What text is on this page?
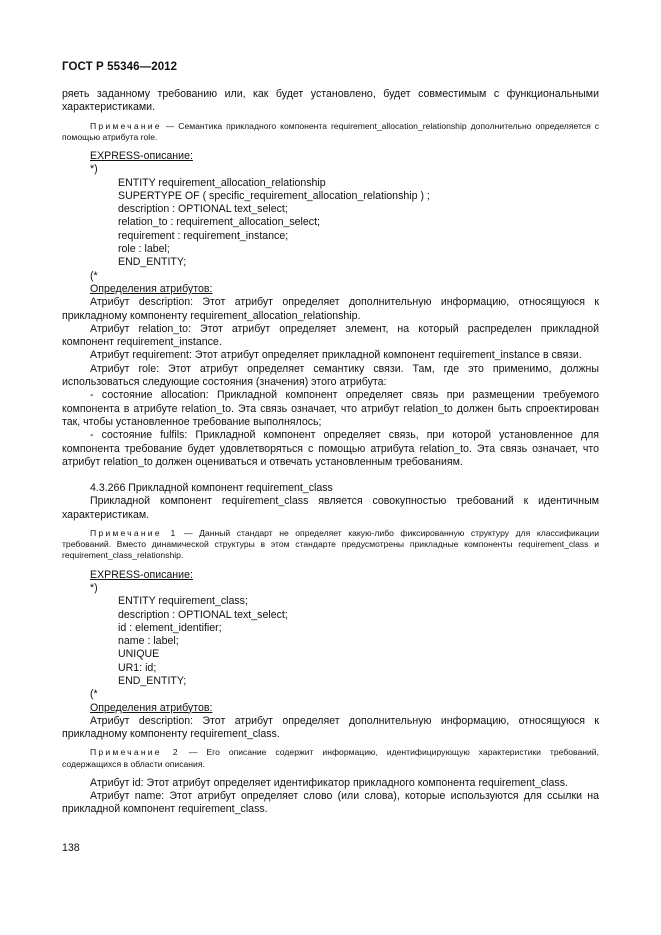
ГОСТ Р 55346—2012

ряеть заданному требованию или, как будет установлено, будет совместимым с функциональными характеристиками.

Примечание — Семантика прикладного компонента requirement_allocation_relationship дополнительно определяется с помощью атрибута role.
EXPRESS-описание:
*)
ENTITY requirement_allocation_relationship
SUPERTYPE OF ( specific_requirement_allocation_relationship ) ;
description : OPTIONAL text_select;
relation_to : requirement_allocation_select;
requirement : requirement_instance;
role : label;
END_ENTITY;
(*
Определения атрибутов:

Атрибут description: Этот атрибут определяет дополнительную информацию, относящуюся к прикладному компоненту requirement_allocation_relationship.

Атрибут relation_to: Этот атрибут определяет элемент, на который распределен прикладной компонент requirement_instance.

Атрибут requirement: Этот атрибут определяет прикладной компонент requirement_instance в связи.

Атрибут role: Этот атрибут определяет семантику связи. Там, где это применимо, должны использоваться следующие состояния (значения) этого атрибута:

- состояние allocation: Прикладной компонент определяет связь при размещении требуемого компонента в атрибуте relation_to. Эта связь означает, что атрибут relation_to должен быть спроектирован так, чтобы установленное требование выполнялось;

- состояние fulfils: Прикладной компонент определяет связь, при которой установленное для компонента требование будет удовлетворяться с помощью атрибута relation_to. Эта связь означает, что атрибут relation_to должен оцениваться и отвечать установленным требованиям.

4.3.266 Прикладной компонент requirement_class

Прикладной компонент requirement_class является совокупностью требований к идентичным характеристикам.

Примечание 1 — Данный стандарт не определяет какую-либо фиксированную структуру для классификации требований. Вместо динамической структуры в этом стандарте предусмотрены прикладные компоненты requirement_class и requirement_class_relationship.
EXPRESS-описание:
*)
ENTITY requirement_class;
description : OPTIONAL text_select;
id : element_identifier;
name : label;
UNIQUE
UR1: id;
END_ENTITY;
(*
Определения атрибутов:

Атрибут description: Этот атрибут определяет дополнительную информацию, относящуюся к прикладному компоненту requirement_class.

Примечание 2 — Его описание содержит информацию, идентифицирующую характеристики требований, содержащихся в области описания.

Атрибут id: Этот атрибут определяет идентификатор прикладного компонента requirement_class.

Атрибут name: Этот атрибут определяет слово (или слова), которые используются для ссылки на прикладной компонент requirement_class.

138
